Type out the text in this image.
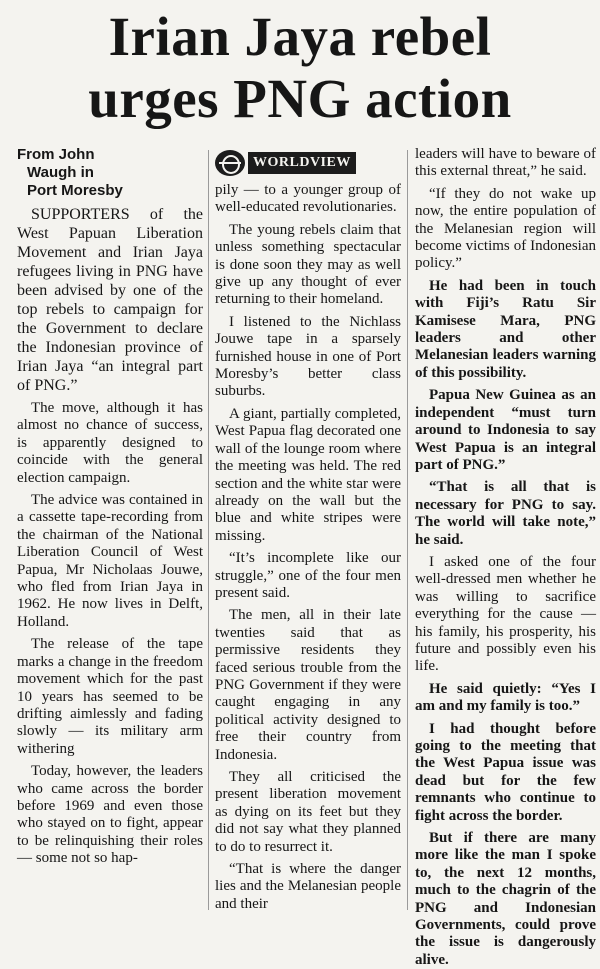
Irian Jaya rebel
urges PNG action

From John
Waugh in
Port Moresby

SUPPORTERS of the West Papuan Liberation Movement and Irian Jaya refugees living in PNG have been advised by one of the top rebels to campaign for the Government to declare the Indonesian province of Irian Jaya “an integral part of PNG.”

The move, although it has almost no chance of success, is apparently designed to coincide with the general election campaign.

The advice was contained in a cassette tape-recording from the chairman of the National Liberation Council of West Papua, Mr Nicholaas Jouwe, who fled from Irian Jaya in 1962. He now lives in Delft, Holland.

The release of the tape marks a change in the freedom movement which for the past 10 years has seemed to be drifting aimlessly and fading slowly — its military arm withering

Today, however, the leaders who came across the border before 1969 and even those who stayed on to fight, appear to be relinquishing their roles — some not so hap-

WORLDVIEW

pily — to a younger group of well-educated revolutionaries.

The young rebels claim that unless something spectacular is done soon they may as well give up any thought of ever returning to their homeland.

I listened to the Nichlass Jouwe tape in a sparsely furnished house in one of Port Moresby’s better class suburbs.

A giant, partially completed, West Papua flag decorated one wall of the lounge room where the meeting was held. The red section and the white star were already on the wall but the blue and white stripes were missing.

“It’s incomplete like our struggle,” one of the four men present said.

The men, all in their late twenties said that as permissive residents they faced serious trouble from the PNG Government if they were caught engaging in any political activity designed to free their country from Indonesia.

They all criticised the present liberation movement as dying on its feet but they did not say what they planned to do to resurrect it.

“That is where the danger lies and the Melanesian people and their

leaders will have to beware of this external threat,” he said.

“If they do not wake up now, the entire population of the Melanesian region will become victims of Indonesian policy.”

He had been in touch with Fiji’s Ratu Sir Kamisese Mara, PNG leaders and other Melanesian leaders warning of this possibility.

Papua New Guinea as an independent “must turn around to Indonesia to say West Papua is an integral part of PNG.”

“That is all that is necessary for PNG to say. The world will take note,” he said.

I asked one of the four well-dressed men whether he was willing to sacrifice everything for the cause — his family, his prosperity, his future and possibly even his life.

He said quietly: “Yes I am and my family is too.”

I had thought before going to the meeting that the West Papua issue was dead but for the few remnants who continue to fight across the border.

But if there are many more like the man I spoke to, the next 12 months, much to the chagrin of the PNG and Indonesian Governments, could prove the issue is dangerously alive.
